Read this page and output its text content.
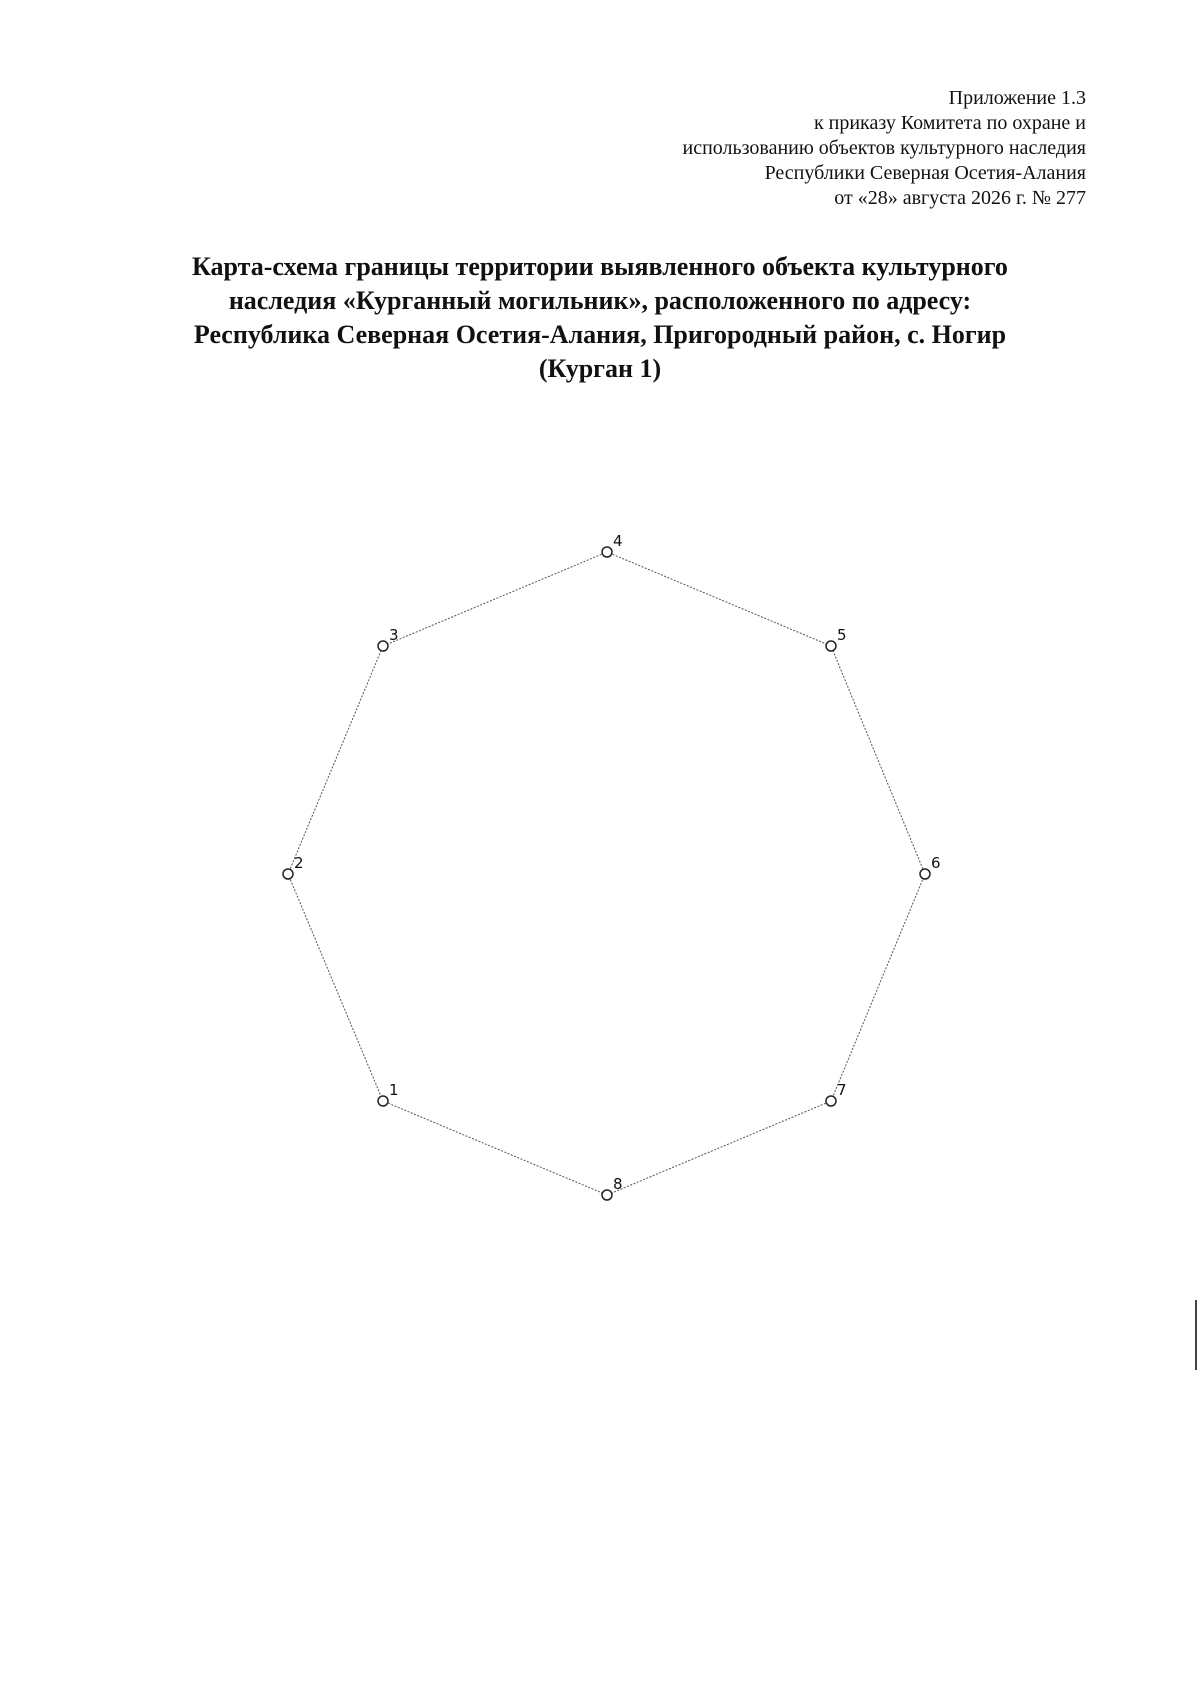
Приложение 1.3
к приказу Комитета по охране и
использованию объектов культурного наследия
Республики Северная Осетия-Алания
от «28» августа 2026 г. № 277
Карта-схема границы территории выявленного объекта культурного
наследия «Курганный могильник», расположенного по адресу:
Республика Северная Осетия-Алания, Пригородный район, с. Ногир
(Курган 1)
1
2
3
4
5
6
7
8
